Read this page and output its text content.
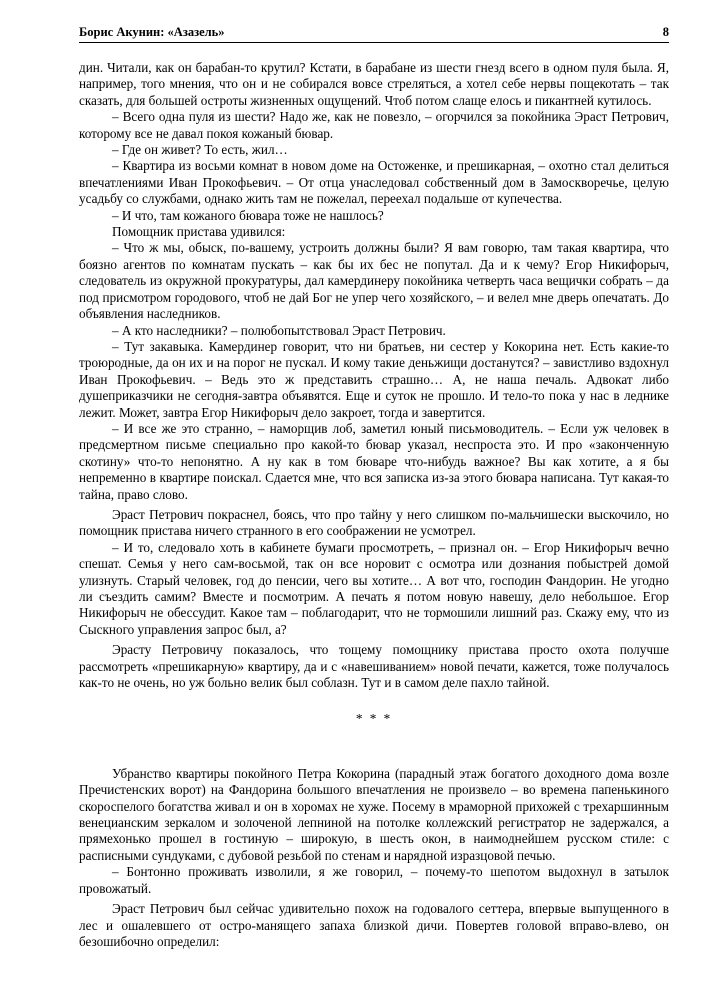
Борис Акунин: «Азазель»	8

дин. Читали, как он барабан-то крутил? Кстати, в барабане из шести гнезд всего в одном пуля была. Я, например, того мнения, что он и не собирался вовсе стреляться, а хотел себе нервы пощекотать – так сказать, для большей остроты жизненных ощущений. Чтоб потом слаще елось и пикантней кутилось.

– Всего одна пуля из шести? Надо же, как не повезло, – огорчился за покойника Эраст Петрович, которому все не давал покоя кожаный бювар.

– Где он живет? То есть, жил…

– Квартира из восьми комнат в новом доме на Остоженке, и прешикарная, – охотно стал делиться впечатлениями Иван Прокофьевич. – От отца унаследовал собственный дом в Замоскворечье, целую усадьбу со службами, однако жить там не пожелал, переехал подальше от купечества.

– И что, там кожаного бювара тоже не нашлось?

Помощник пристава удивился:

– Что ж мы, обыск, по-вашему, устроить должны были? Я вам говорю, там такая квартира, что боязно агентов по комнатам пускать – как бы их бес не попутал. Да и к чему? Егор Никифорыч, следователь из окружной прокуратуры, дал камердинеру покойника четверть часа вещички собрать – да под присмотром городового, чтоб не дай Бог не упер чего хозяйского, – и велел мне дверь опечатать. До объявления наследников.

– А кто наследники? – полюбопытствовал Эраст Петрович.

– Тут закавыка. Камердинер говорит, что ни братьев, ни сестер у Кокорина нет. Есть какие-то троюродные, да он их и на порог не пускал. И кому такие деньжищи достанутся? – завистливо вздохнул Иван Прокофьевич. – Ведь это ж представить страшно… А, не наша печаль. Адвокат либо душеприказчики не сегодня-завтра объявятся. Еще и суток не прошло. И тело-то пока у нас в леднике лежит. Может, завтра Егор Никифорыч дело закроет, тогда и завертится.

– И все же это странно, – наморщив лоб, заметил юный письмоводитель. – Если уж человек в предсмертном письме специально про какой-то бювар указал, неспроста это. И про «законченную скотину» что-то непонятно. А ну как в том бюваре что-нибудь важное? Вы как хотите, а я бы непременно в квартире поискал. Сдается мне, что вся записка из-за этого бювара написана. Тут какая-то тайна, право слово.

Эраст Петрович покраснел, боясь, что про тайну у него слишком по-мальчишески выскочило, но помощник пристава ничего странного в его соображении не усмотрел.

– И то, следовало хоть в кабинете бумаги просмотреть, – признал он. – Егор Никифорыч вечно спешат. Семья у него сам-восьмой, так он все норовит с осмотра или дознания побыстрей домой улизнуть. Старый человек, год до пенсии, чего вы хотите… А вот что, господин Фандорин. Не угодно ли съездить самим? Вместе и посмотрим. А печать я потом новую навешу, дело небольшое. Егор Никифорыч не обессудит. Какое там – поблагодарит, что не тормошили лишний раз. Скажу ему, что из Сыскного управления запрос был, а?

Эрасту Петровичу показалось, что тощему помощнику пристава просто охота получше рассмотреть «прешикарную» квартиру, да и с «навешиванием» новой печати, кажется, тоже получалось как-то не очень, но уж больно велик был соблазн. Тут и в самом деле пахло тайной.

* * *

Убранство квартиры покойного Петра Кокорина (парадный этаж богатого доходного дома возле Пречистенских ворот) на Фандорина большого впечатления не произвело – во времена папенькиного скороспелого богатства живал и он в хоромах не хуже. Посему в мраморной прихожей с трехаршинным венецианским зеркалом и золоченой лепниной на потолке коллежский регистратор не задержался, а прямехонько прошел в гостиную – широкую, в шесть окон, в наимоднейшем русском стиле: с расписными сундуками, с дубовой резьбой по стенам и нарядной изразцовой печью.

– Бонтонно проживать изволили, я же говорил, – почему-то шепотом выдохнул в затылок провожатый.

Эраст Петрович был сейчас удивительно похож на годовалого сеттера, впервые выпущенного в лес и ошалевшего от остро-манящего запаха близкой дичи. Повертев головой вправо-влево, он безошибочно определил:
